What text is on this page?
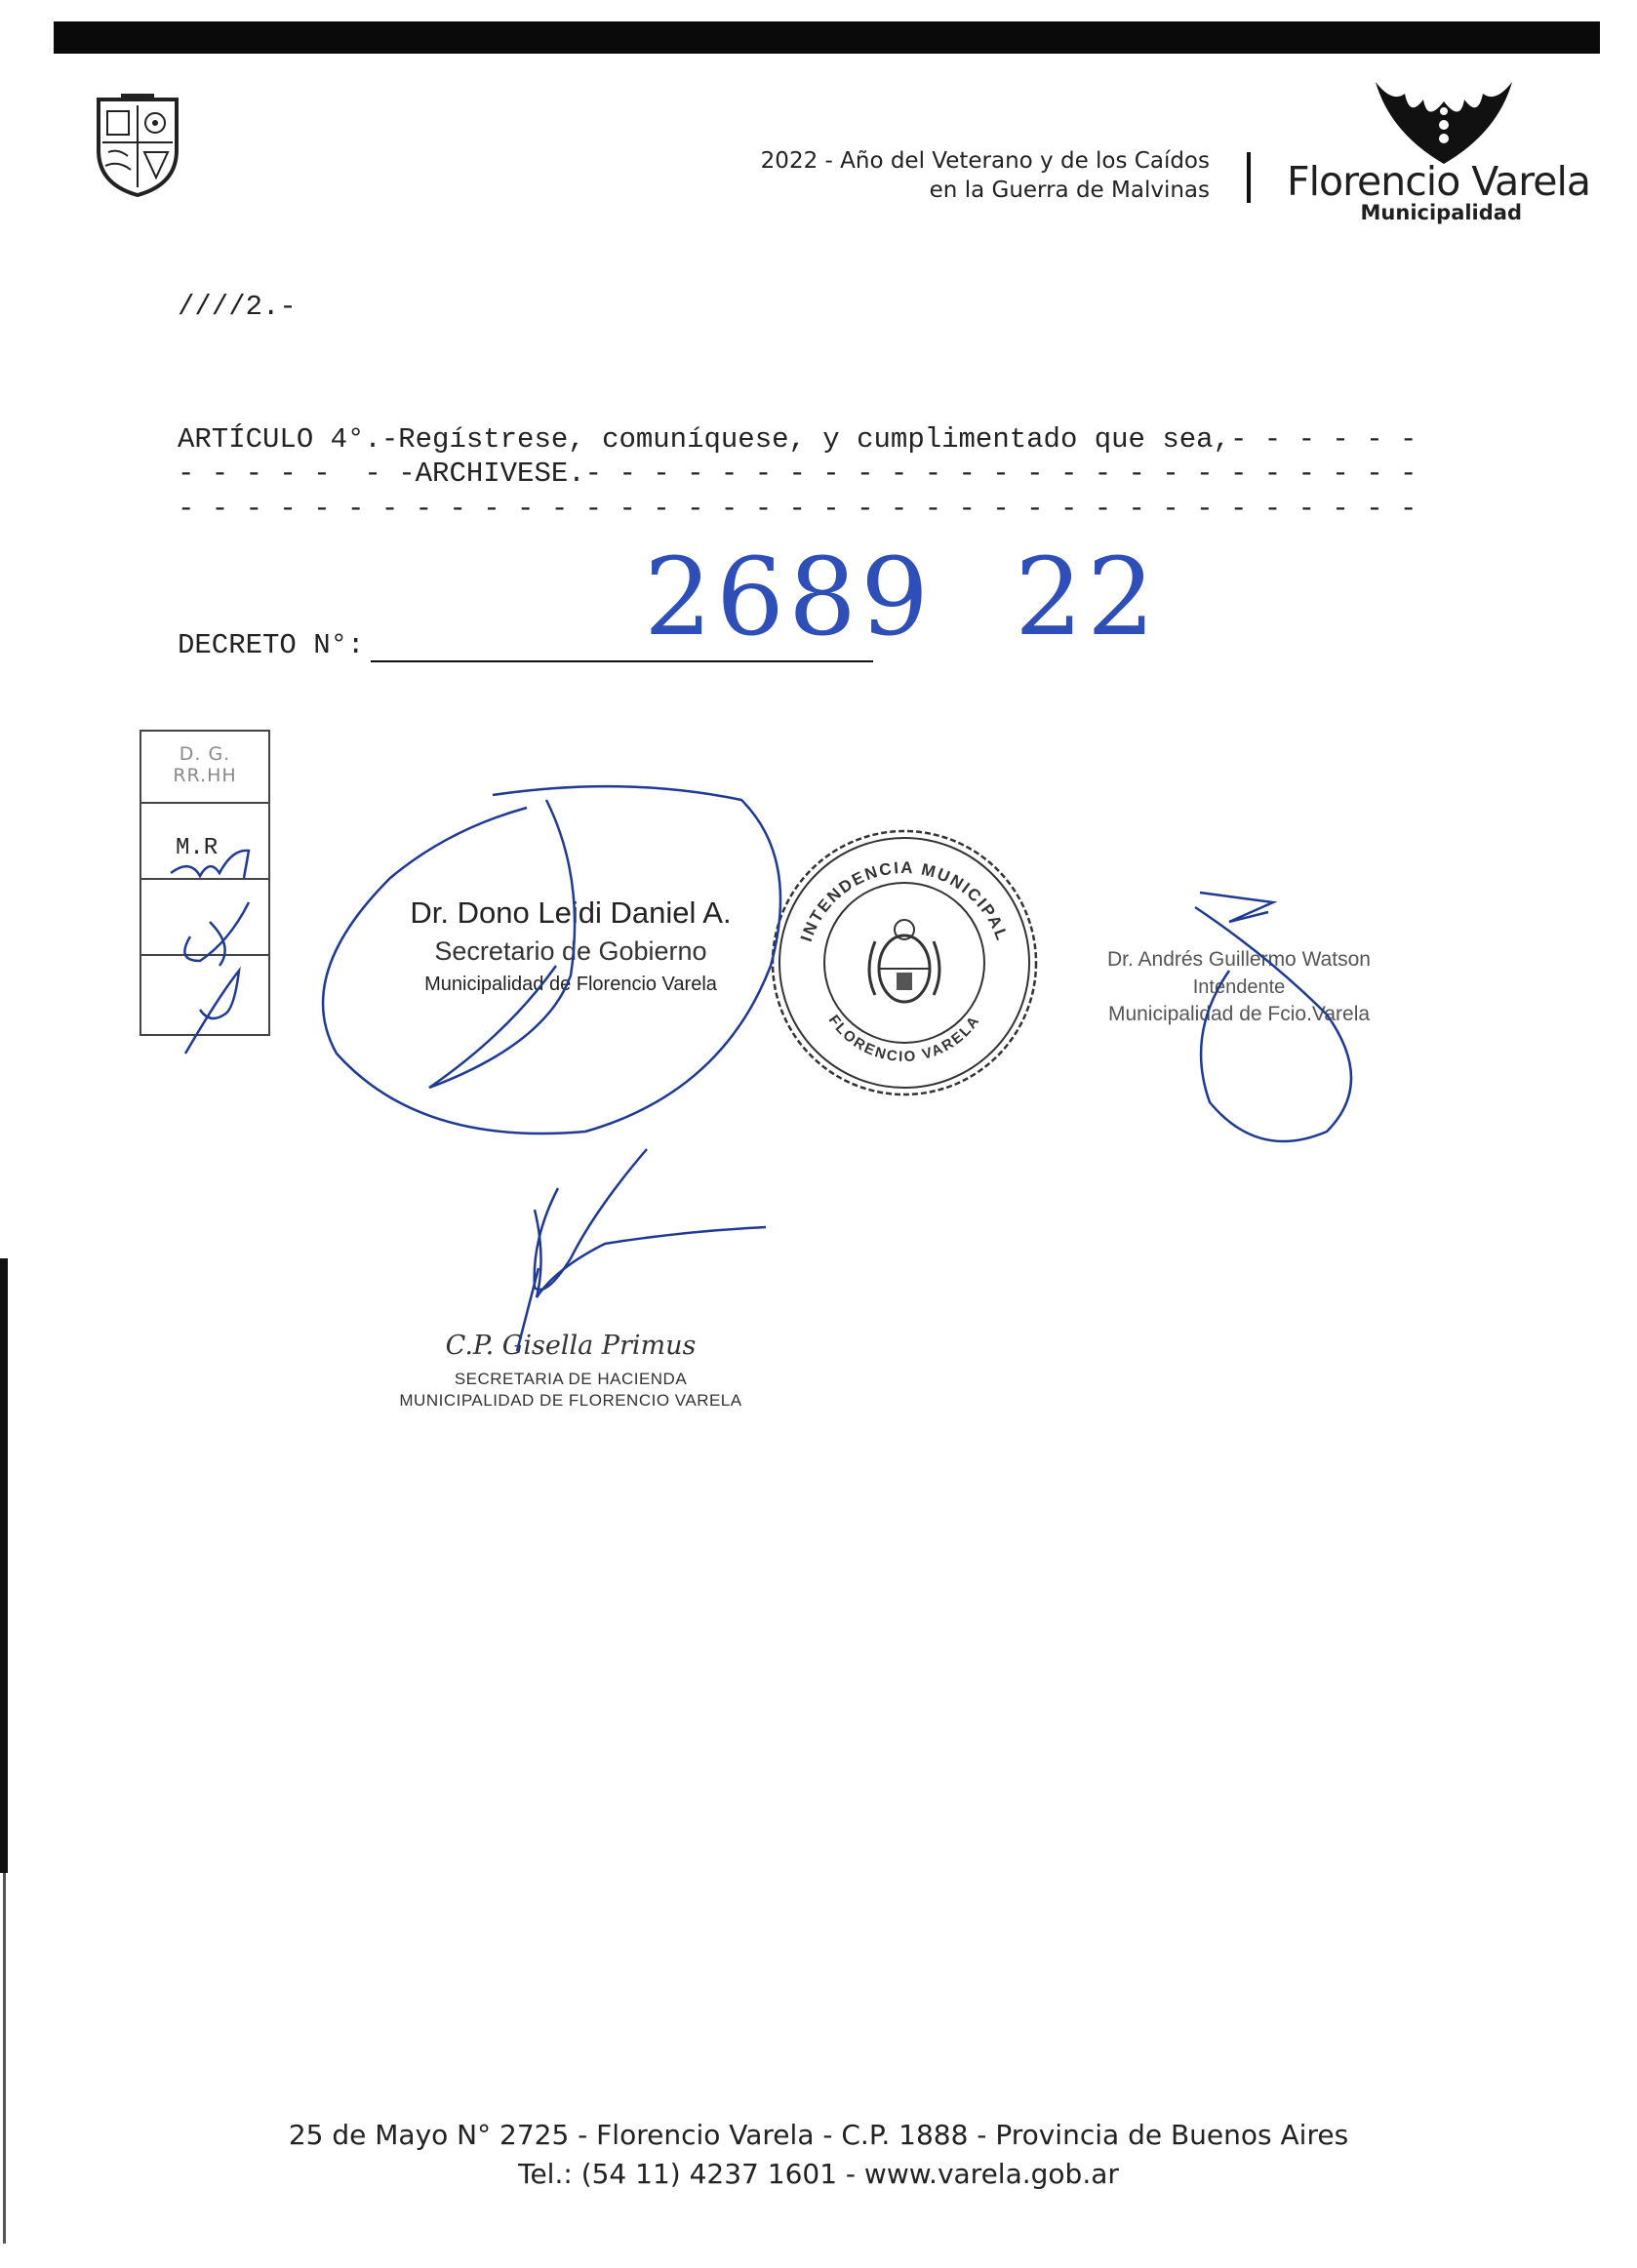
2022 - Año del Veterano y de los Caídos
en la Guerra de Malvinas	Florencio Varela
Municipalidad
////2.-
ARTÍCULO 4°.-Regístrese, comuníquese, y cumplimentado que sea,- - - - - -
- - - - -  - -ARCHIVESE.- - - - - - - - - - - - - - - - - - - - - - - - -
- - - - - - - - - - - - - - - - - - - - - - - - - - - - - - - - - - - - -
DECRETO N°:	2689 22
D. G.
RR.HH
M.R
Dr. Dono Leidi Daniel A.
Secretario de Gobierno
Municipalidad de Florencio Varela
Dr. Andrés Guillermo Watson
Intendente
Municipalidad de Fcio.Varela
C.P. Gisella Primus
SECRETARIA DE HACIENDA
MUNICIPALIDAD DE FLORENCIO VARELA
INTENDENCIA MUNICIPAL
FLORENCIO VARELA
25 de Mayo N° 2725 - Florencio Varela - C.P. 1888 - Provincia de Buenos Aires
Tel.: (54 11) 4237 1601 - www.varela.gob.ar
